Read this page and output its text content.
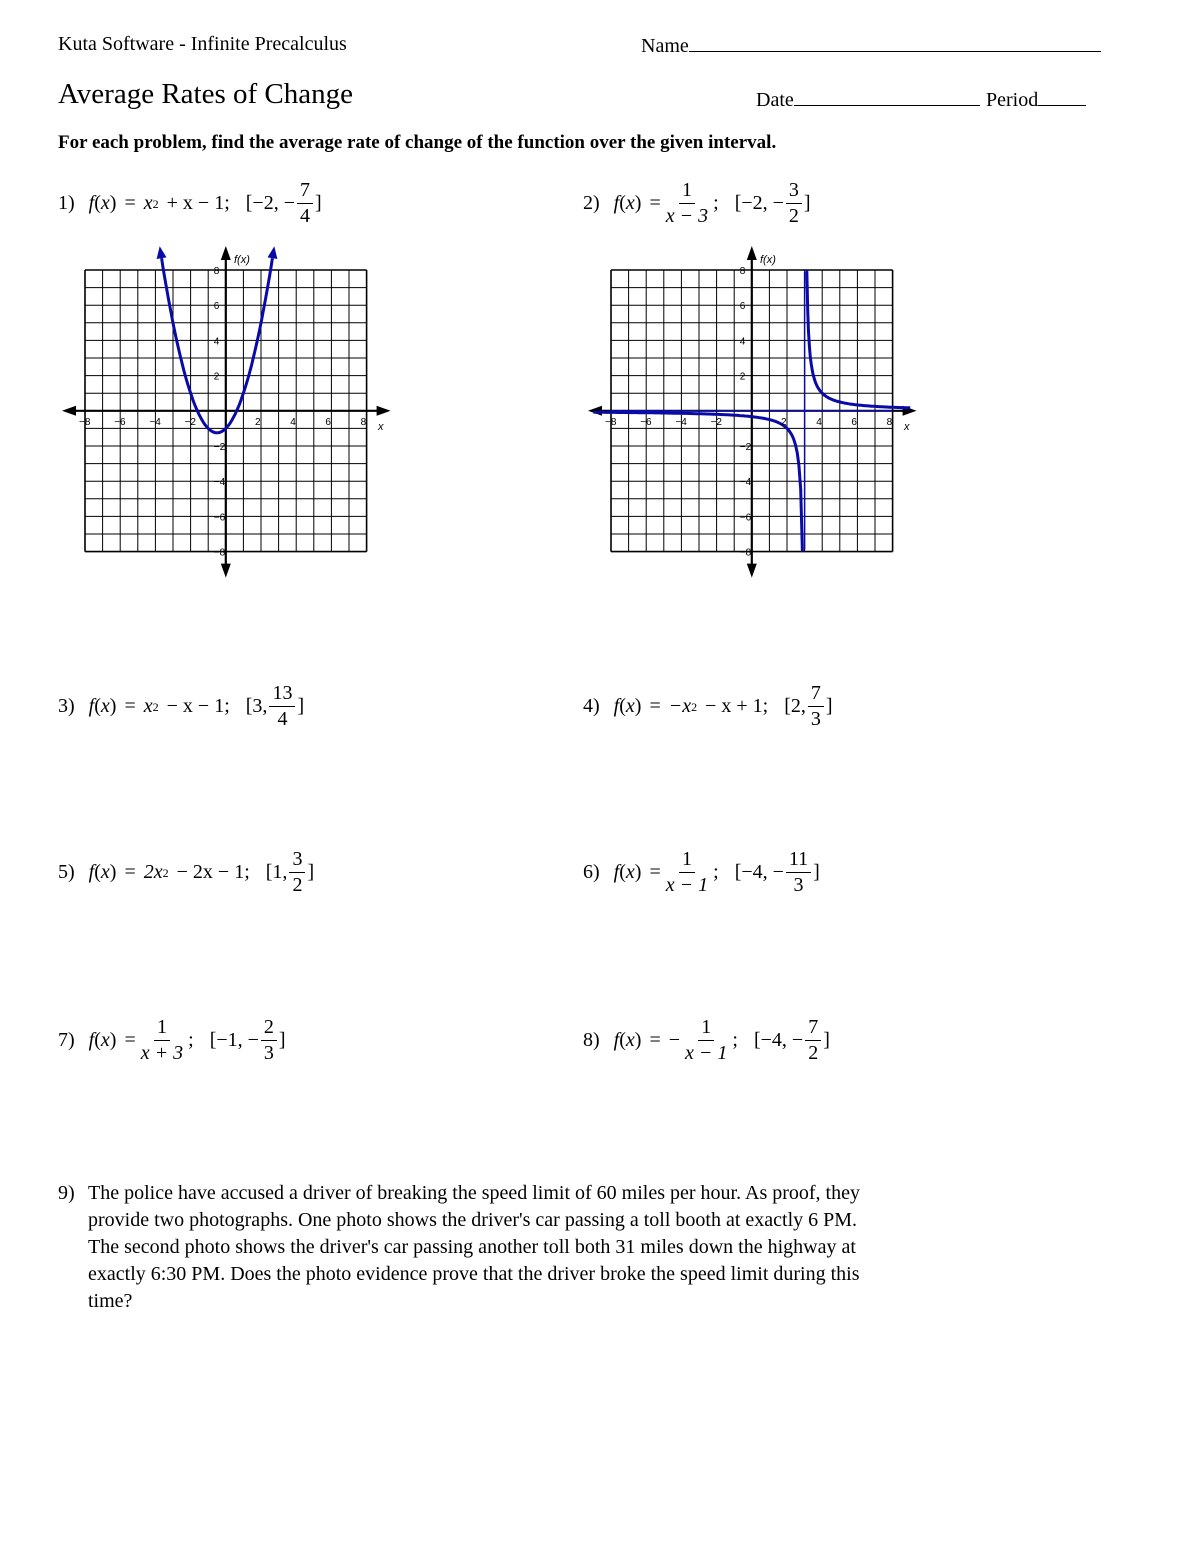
Kuta Software - Infinite Precalculus	Name
Average Rates of Change	Date	Period
For each problem, find the average rate of change of the function over the given interval.
1) f ( x ) = x 2 + x − 1; [−2, − $\frac{7}{4}$ ]	2) f ( x ) = $\frac{1}{x - 3}$ ; [−2, − $\frac{3}{2}$ ]
f(x)
x
−8 −6 −4 −2	2	4	6	8
8
6
4
2
−2
−4
−6
−8
f(x)
x
−8 −6 −4 −2	2	4	6	8
8
6
4
2
−2
−4
−6
−8
3) f ( x ) = x 2 − x − 1; [3, $\frac{13}{4}$ ]	4) f ( x ) = −x 2 − x + 1; [2, $\frac{7}{3}$ ]
5) f ( x ) = 2x 2 − 2x − 1; [1, $\frac{3}{2}$ ]	6) f ( x ) = $\frac{1}{x - 1}$ ; [−4, − $\frac{11}{3}$ ]
7) f ( x ) = $\frac{1}{x + 3}$ ; [−1, − $\frac{2}{3}$ ]	8) f ( x ) = − $\frac{1}{x - 1}$ ; [−4, − $\frac{7}{2}$ ]
9) The police have accused a driver of breaking the speed limit of 60 miles per hour. As proof, they
provide two photographs. One photo shows the driver's car passing a toll booth at exactly 6 PM.
The second photo shows the driver's car passing another toll both 31 miles down the highway at
exactly 6:30 PM. Does the photo evidence prove that the driver broke the speed limit during this
time?
